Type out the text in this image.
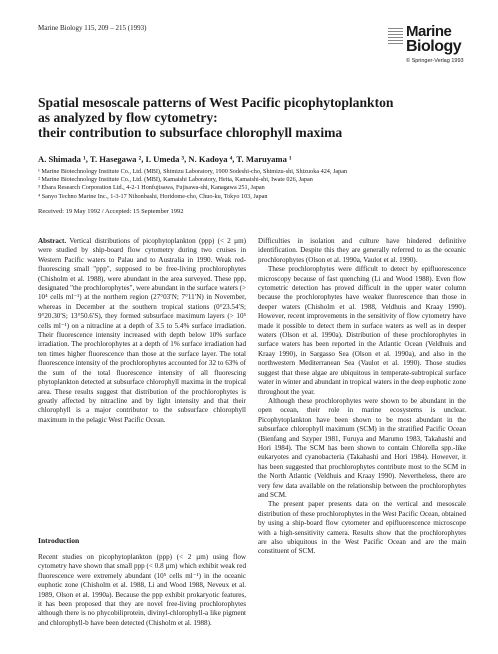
Marine Biology 115, 209 – 215 (1993)	Marine
Biology
© Springer-Verlag 1993
Spatial mesoscale patterns of West Pacific picophytoplankton
as analyzed by flow cytometry:
their contribution to subsurface chlorophyll maxima
A. Shimada ¹, T. Hasegawa ², I. Umeda ³, N. Kadoya ⁴, T. Maruyama ¹
¹ Marine Biotechnology Institute Co., Ltd. (MBI), Shimizu Laboratory, 1900 Sodeshi-cho, Shimizu-shi, Shizuoka 424, Japan
² Marine Biotechnology Institute Co., Ltd. (MBI), Kamaishi Laboratory, Heita, Kamaishi-shi, Iwate 026, Japan
³ Ebara Research Corporation Ltd., 4-2-1 Honfujisawa, Fujisawa-shi, Kanagawa 251, Japan
⁴ Sanyo Techno Marine Inc., 1-3-17 Nihonbashi, Horidome-cho, Chuo-ku, Tokyo 103, Japan
Received: 19 May 1992 / Accepted: 15 September 1992

Abstract. Vertical distributions of picophytoplankton (ppp) (< 2 µm) were studied by ship-board flow cytometry during two cruises in Western Pacific waters to Palau and to Australia in 1990. Weak red-fluorescing small "ppp", supposed to be free-living prochlorophytes (Chisholm et al. 1988), were abundant in the area surveyed. These ppp, designated "the prochlorophytes", were abundant in the surface waters (> 10⁴ cells ml⁻¹) at the northern region (27°03′N; 7°11′N) in November, whereas in December at the southern tropical stations (0°23.54′S; 9°20.30′S; 13°50.6′S), they formed subsurface maximum layers (> 10⁵ cells ml⁻¹) on a nitracline at a depth of 3.5 to 5.4% surface irradiation. Their fluorescence intensity increased with depth below 10% surface irradiation. The prochlorophytes at a depth of 1% surface irradiation had ten times higher fluorescence than those at the surface layer. The total fluorescence intensity of the prochlorophytes accounted for 32 to 63% of the sum of the total fluorescence intensity of all fluorescing phytoplankton detected at subsurface chlorophyll maxima in the tropical area. These results suggest that distribution of the prochlorophytes is greatly affected by nitracline and by light intensity and that their chlorophyll is a major contributor to the subsurface chlorophyll maximum in the pelagic West Pacific Ocean.

Introduction

Recent studies on picophytoplankton (ppp) (< 2 µm) using flow cytometry have shown that small ppp (< 0.8 µm) which exhibit weak red fluorescence were extremely abundant (10⁵ cells ml⁻¹) in the oceanic euphotic zone (Chisholm et al. 1988, Li and Wood 1988, Neveux et al. 1989, Olson et al. 1990a). Because the ppp exhibit prokaryotic features, it has been proposed that they are novel free-living prochlorophytes although there is no phycobiliprotein, divinyl-chlorophyll-a like pigment and chlorophyll-b have been detected (Chisholm et al. 1988).

Difficulties in isolation and culture have hindered definitive identification. Despite this they are generally referred to as the oceanic prochlorophytes (Olson et al. 1990a, Vaulot et al. 1990).

These prochlorophytes were difficult to detect by epifluorescence microscopy because of fast quenching (Li and Wood 1988). Even flow cytometric detection has proved difficult in the upper water column because the prochlorophytes have weaker fluorescence than those in deeper waters (Chisholm et al. 1988, Veldhuis and Kraay 1990). However, recent improvements in the sensitivity of flow cytometry have made it possible to detect them in surface waters as well as in deeper waters (Olson et al. 1990a). Distribution of these prochlorophytes in surface waters has been reported in the Atlantic Ocean (Veldhuis and Kraay 1990), in Sargasso Sea (Olson et al. 1990a), and also in the northwestern Mediterranean Sea (Vaulot et al. 1990). Those studies suggest that these algae are ubiquitous in temperate-subtropical surface water in winter and abundant in tropical waters in the deep euphotic zone throughout the year.

Although these prochlorophytes were shown to be abundant in the open ocean, their role in marine ecosystems is unclear. Picophytoplankton have been shown to be most abundant in the subsurface chlorophyll maximum (SCM) in the stratified Pacific Ocean (Bienfang and Szyper 1981, Furuya and Marumo 1983, Takahashi and Hori 1984). The SCM has been shown to contain Chlorella spp.-like eukaryotes and cyanobacteria (Takahashi and Hori 1984). However, it has been suggested that prochlorophytes contribute most to the SCM in the North Atlantic (Veldhuis and Kraay 1990). Nevertheless, there are very few data available on the relationship between the prochlorophytes and SCM.

The present paper presents data on the vertical and mesoscale distribution of these prochlorophytes in the West Pacific Ocean, obtained by using a ship-board flow cytometer and epifluorescence microscope with a high-sensitivity camera. Results show that the prochlorophytes are also ubiquitous in the West Pacific Ocean and are the main constituent of SCM.
